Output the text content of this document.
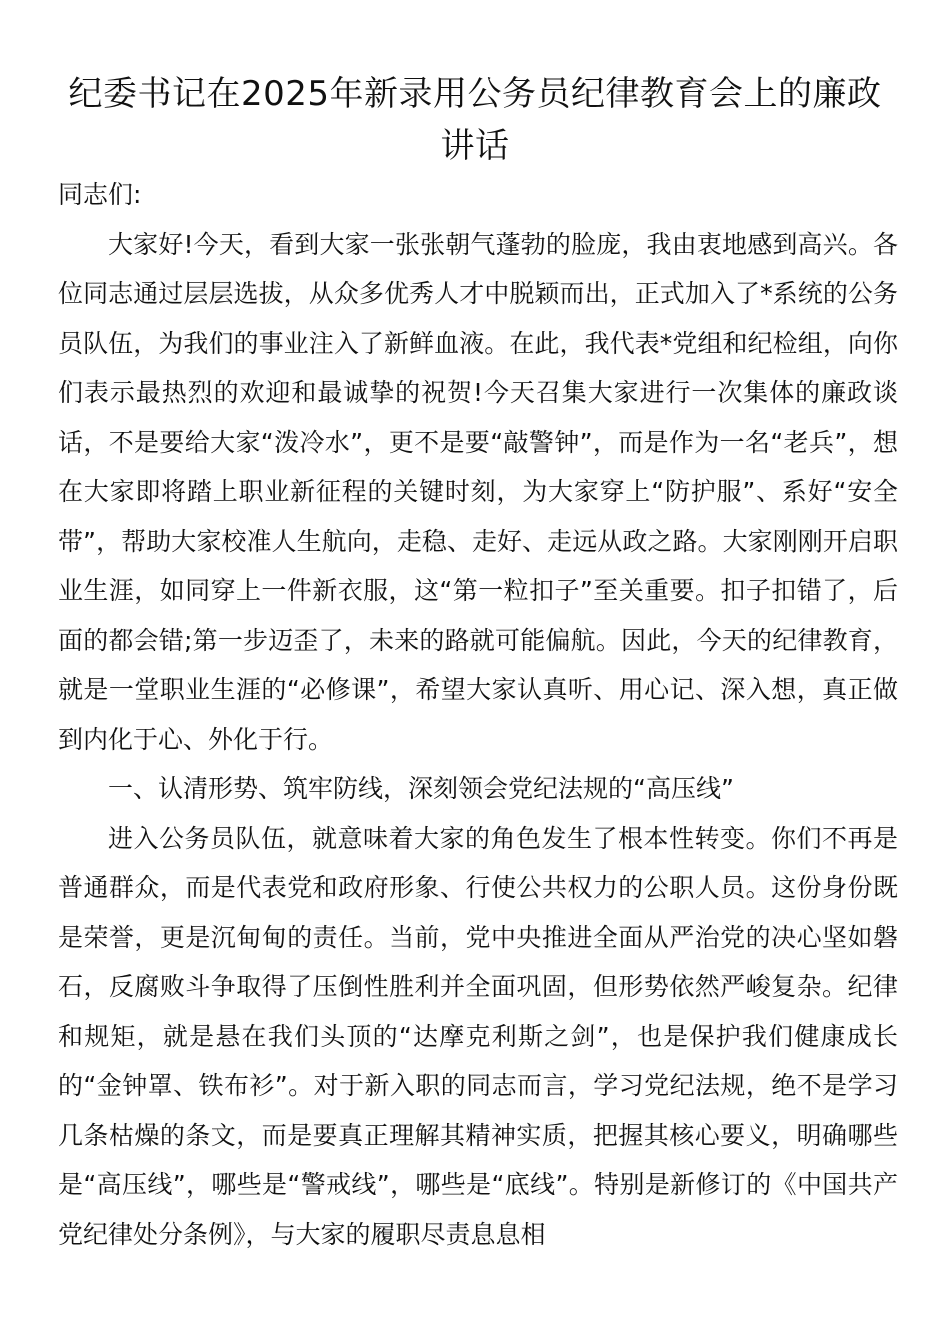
纪委书记在2025年新录用公务员纪律教育会上的廉政讲话

同志们:

大家好!今天，看到大家一张张朝气蓬勃的脸庞，我由衷地感到高兴。各位同志通过层层选拔，从众多优秀人才中脱颖而出，正式加入了*系统的公务员队伍，为我们的事业注入了新鲜血液。在此，我代表*党组和纪检组，向你们表示最热烈的欢迎和最诚挚的祝贺!今天召集大家进行一次集体的廉政谈话，不是要给大家“泼冷水”，更不是要“敲警钟”，而是作为一名“老兵”，想在大家即将踏上职业新征程的关键时刻，为大家穿上“防护服”、系好“安全带”，帮助大家校准人生航向，走稳、走好、走远从政之路。大家刚刚开启职业生涯，如同穿上一件新衣服，这“第一粒扣子”至关重要。扣子扣错了，后面的都会错;第一步迈歪了，未来的路就可能偏航。因此，今天的纪律教育，就是一堂职业生涯的“必修课”，希望大家认真听、用心记、深入想，真正做到内化于心、外化于行。

一、认清形势、筑牢防线，深刻领会党纪法规的“高压线”

进入公务员队伍，就意味着大家的角色发生了根本性转变。你们不再是普通群众，而是代表党和政府形象、行使公共权力的公职人员。这份身份既是荣誉，更是沉甸甸的责任。当前，党中央推进全面从严治党的决心坚如磐石，反腐败斗争取得了压倒性胜利并全面巩固，但形势依然严峻复杂。纪律和规矩，就是悬在我们头顶的“达摩克利斯之剑”，也是保护我们健康成长的“金钟罩、铁布衫”。对于新入职的同志而言，学习党纪法规，绝不是学习几条枯燥的条文，而是要真正理解其精神实质，把握其核心要义，明确哪些是“高压线”，哪些是“警戒线”，哪些是“底线”。特别是新修订的《中国共产党纪律处分条例》，与大家的履职尽责息息相
